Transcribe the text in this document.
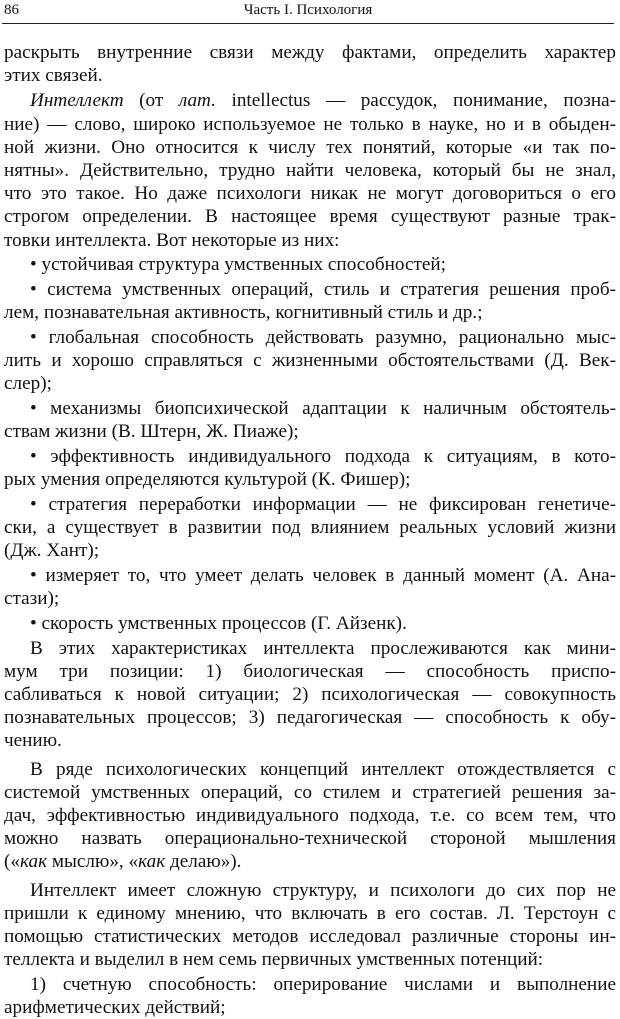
86	Часть I. Психология

раскрыть внутренние связи между фактами, определить характер

этих связей.

Интеллект (от лат. intellectus — рассудок, понимание, позна-

ние) — слово, широко используемое не только в науке, но и в обыден-

ной жизни. Оно относится к числу тех понятий, которые «и так по-

нятны». Действительно, трудно найти человека, который бы не знал,

что это такое. Но даже психологи никак не могут договориться о его

строгом определении. В настоящее время существуют разные трак-

товки интеллекта. Вот некоторые из них:

• устойчивая структура умственных способностей;

• система умственных операций, стиль и стратегия решения проб-

лем, познавательная активность, когнитивный стиль и др.;

• глобальная способность действовать разумно, рационально мыс-

лить и хорошо справляться с жизненными обстоятельствами (Д. Век-

слер);

• механизмы биопсихической адаптации к наличным обстоятель-

ствам жизни (В. Штерн, Ж. Пиаже);

• эффективность индивидуального подхода к ситуациям, в кото-

рых умения определяются культурой (К. Фишер);

• стратегия переработки информации — не фиксирован генетиче-

ски, а существует в развитии под влиянием реальных условий жизни

(Дж. Хант);

• измеряет то, что умеет делать человек в данный момент (А. Ана-

стази);

• скорость умственных процессов (Г. Айзенк).

В этих характеристиках интеллекта прослеживаются как мини-

мум три позиции: 1) биологическая — способность приспо-

сабливаться к новой ситуации; 2) психологическая — совокупность

познавательных процессов; 3) педагогическая — способность к обу-

чению.

В ряде психологических концепций интеллект отождествляется с

системой умственных операций, со стилем и стратегией решения за-

дач, эффективностью индивидуального подхода, т.е. со всем тем, что

можно назвать операционально-технической стороной мышления

(«как мыслю», «как делаю»).

Интеллект имеет сложную структуру, и психологи до сих пор не

пришли к единому мнению, что включать в его состав. Л. Терстоун с

помощью статистических методов исследовал различные стороны ин-

теллекта и выделил в нем семь первичных умственных потенций:

1) счетную способность: оперирование числами и выполнение

арифметических действий;
